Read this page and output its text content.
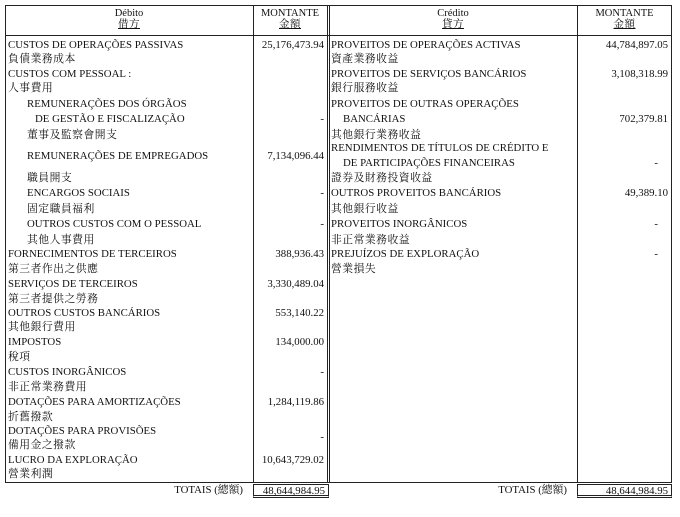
Débito
借方
MONTANTE
金額
Crédito
貸方
MONTANTE
金額
CUSTOS DE OPERAÇÕES PASSIVAS	25,176,473.94
負債業務成本
CUSTOS COM PESSOAL :
人事費用
REMUNERAÇÕES DOS ÓRGÃOS
DE GESTÃO E FISCALIZAÇÃO	-
董事及監察會開支
REMUNERAÇÕES DE EMPREGADOS	7,134,096.44
職員開支
ENCARGOS SOCIAIS	-
固定職員福利
OUTROS CUSTOS COM O PESSOAL	-
其他人事費用
FORNECIMENTOS DE TERCEIROS	388,936.43
第三者作出之供應
SERVIÇOS DE TERCEIROS	3,330,489.04
第三者提供之勞務
OUTROS CUSTOS BANCÁRIOS	553,140.22
其他銀行費用
IMPOSTOS	134,000.00
稅項
CUSTOS INORGÂNICOS	-
非正常業務費用
DOTAÇÕES PARA AMORTIZAÇÕES	1,284,119.86
折舊撥款
DOTAÇÕES PARA PROVISÕES	-
備用金之撥款
LUCRO DA EXPLORAÇÃO	10,643,729.02
營業利潤
PROVEITOS DE OPERAÇÕES ACTIVAS	44,784,897.05
資產業務收益
PROVEITOS DE SERVIÇOS BANCÁRIOS	3,108,318.99
銀行服務收益
PROVEITOS DE OUTRAS OPERAÇÕES
BANCÁRIAS	702,379.81
其他銀行業務收益
RENDIMENTOS DE TÍTULOS DE CRÉDITO E
DE PARTICIPAÇÕES FINANCEIRAS	-
證券及財務投資收益
OUTROS PROVEITOS BANCÁRIOS	49,389.10
其他銀行收益
PROVEITOS INORGÂNICOS	-
非正常業務收益
PREJUÍZOS DE EXPLORAÇÃO	-
營業損失
TOTAIS (總額)	48,644,984.95	TOTAIS (總額)	48,644,984.95
